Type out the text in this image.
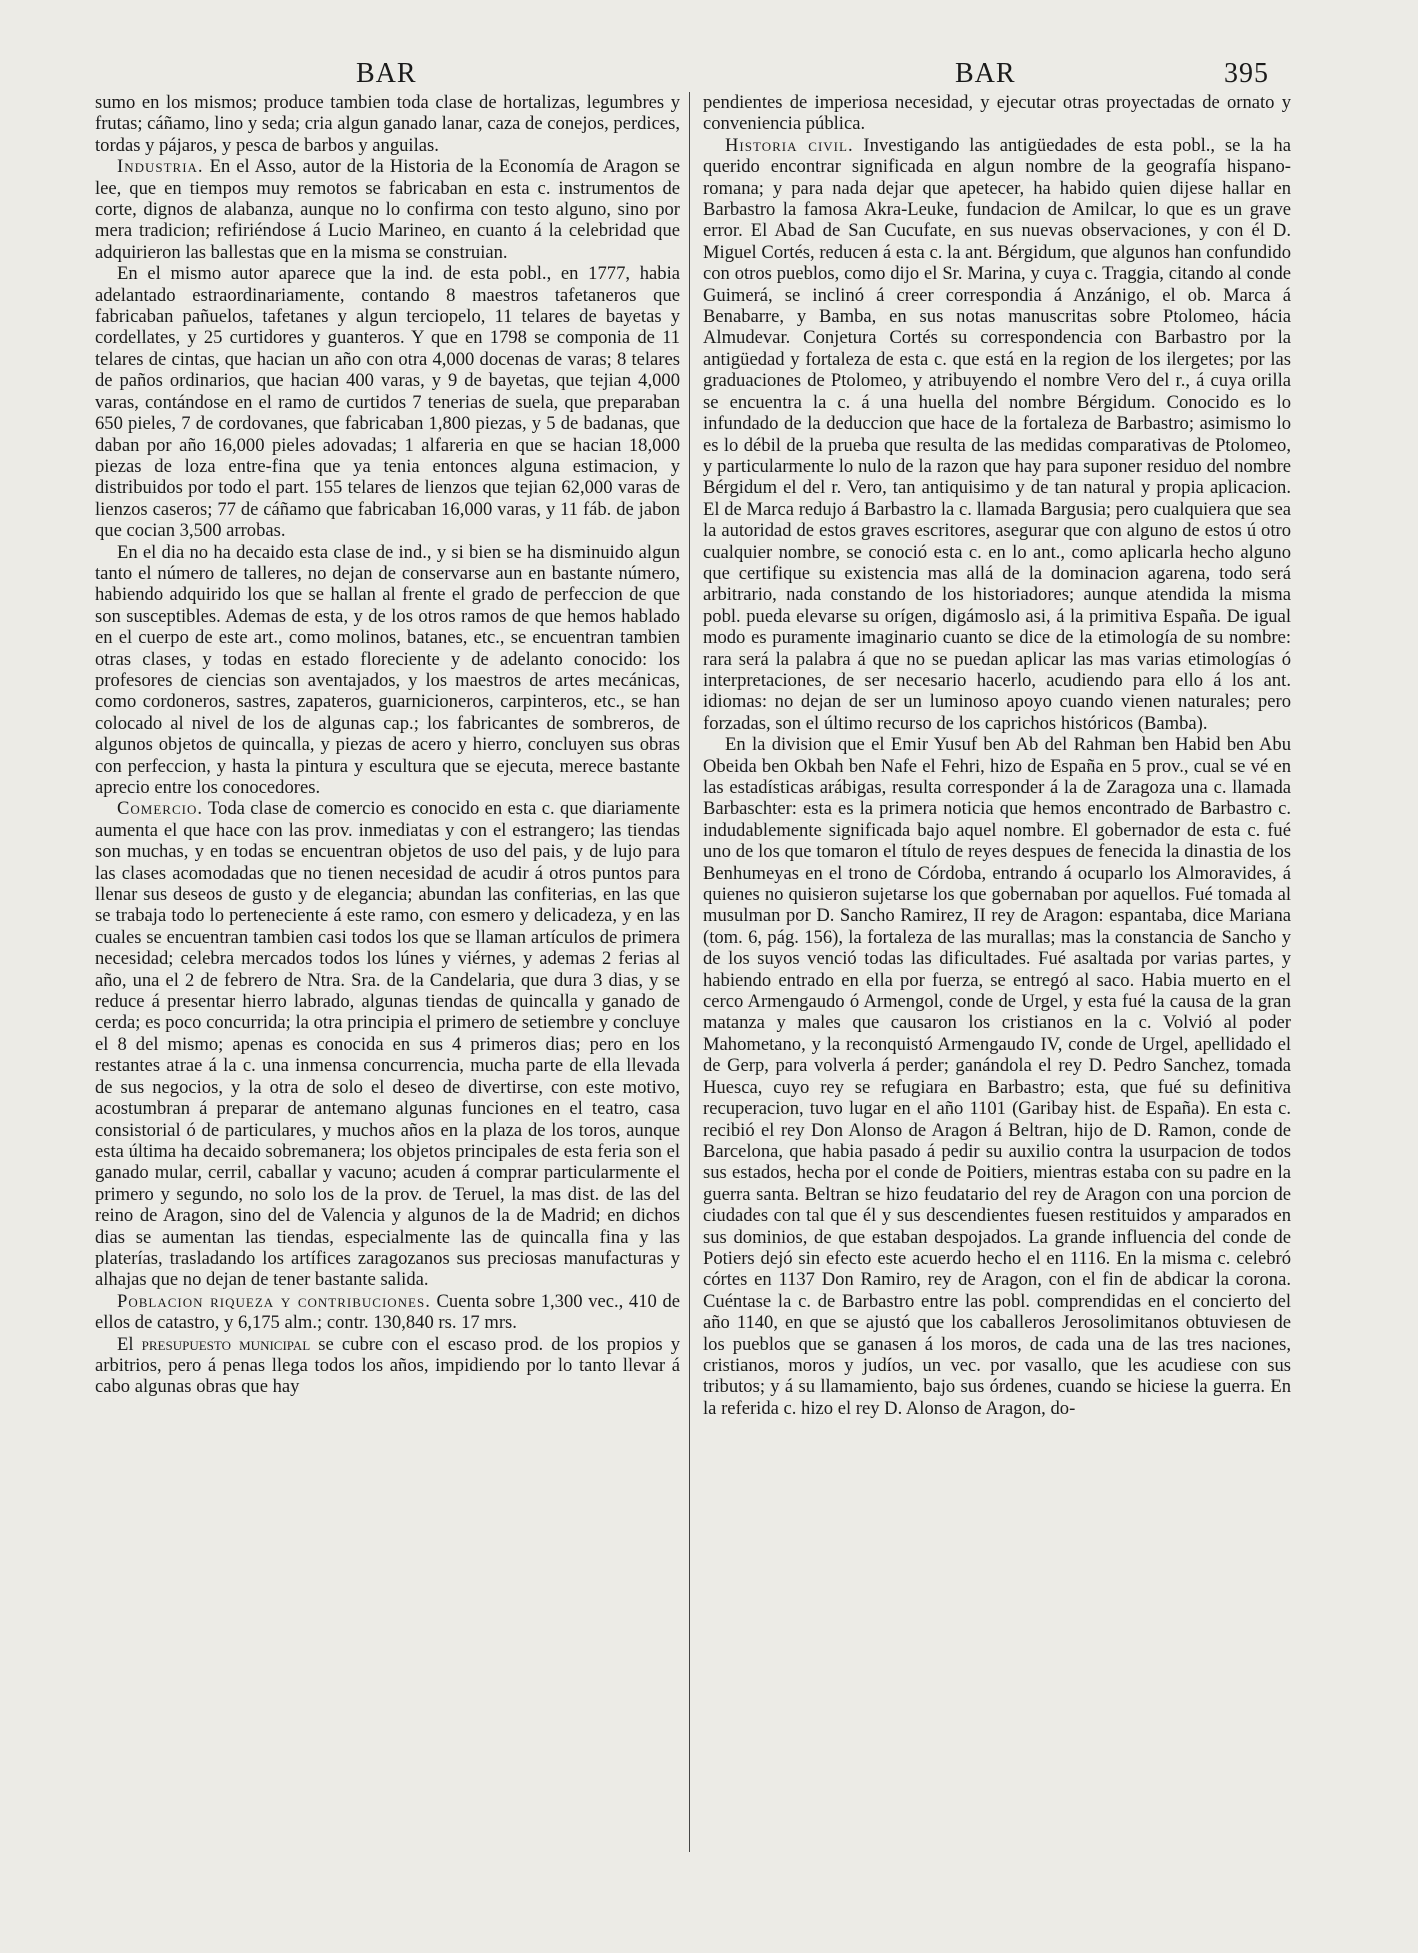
BAR	BAR	395

sumo en los mismos; produce tambien toda clase de hortalizas, legumbres y frutas; cáñamo, lino y seda; cria algun ganado lanar, caza de conejos, perdices, tordas y pájaros, y pesca de barbos y anguilas.

Industria. En el Asso, autor de la Historia de la Economía de Aragon se lee, que en tiempos muy remotos se fabricaban en esta c. instrumentos de corte, dignos de alabanza, aunque no lo confirma con testo alguno, sino por mera tradicion; refiriéndose á Lucio Marineo, en cuanto á la celebridad que adquirieron las ballestas que en la misma se construian.

En el mismo autor aparece que la ind. de esta pobl., en 1777, habia adelantado estraordinariamente, contando 8 maestros tafetaneros que fabricaban pañuelos, tafetanes y algun terciopelo, 11 telares de bayetas y cordellates, y 25 curtidores y guanteros. Y que en 1798 se componia de 11 telares de cintas, que hacian un año con otra 4,000 docenas de varas; 8 telares de paños ordinarios, que hacian 400 varas, y 9 de bayetas, que tejian 4,000 varas, contándose en el ramo de curtidos 7 tenerias de suela, que preparaban 650 pieles, 7 de cordovanes, que fabricaban 1,800 piezas, y 5 de badanas, que daban por año 16,000 pieles adovadas; 1 alfareria en que se hacian 18,000 piezas de loza entre-fina que ya tenia entonces alguna estimacion, y distribuidos por todo el part. 155 telares de lienzos que tejian 62,000 varas de lienzos caseros; 77 de cáñamo que fabricaban 16,000 varas, y 11 fáb. de jabon que cocian 3,500 arrobas.

En el dia no ha decaido esta clase de ind., y si bien se ha disminuido algun tanto el número de talleres, no dejan de conservarse aun en bastante número, habiendo adquirido los que se hallan al frente el grado de perfeccion de que son susceptibles. Ademas de esta, y de los otros ramos de que hemos hablado en el cuerpo de este art., como molinos, batanes, etc., se encuentran tambien otras clases, y todas en estado floreciente y de adelanto conocido: los profesores de ciencias son aventajados, y los maestros de artes mecánicas, como cordoneros, sastres, zapateros, guarnicioneros, carpinteros, etc., se han colocado al nivel de los de algunas cap.; los fabricantes de sombreros, de algunos objetos de quincalla, y piezas de acero y hierro, concluyen sus obras con perfeccion, y hasta la pintura y escultura que se ejecuta, merece bastante aprecio entre los conocedores.

Comercio. Toda clase de comercio es conocido en esta c. que diariamente aumenta el que hace con las prov. inmediatas y con el estrangero; las tiendas son muchas, y en todas se encuentran objetos de uso del pais, y de lujo para las clases acomodadas que no tienen necesidad de acudir á otros puntos para llenar sus deseos de gusto y de elegancia; abundan las confiterias, en las que se trabaja todo lo perteneciente á este ramo, con esmero y delicadeza, y en las cuales se encuentran tambien casi todos los que se llaman artículos de primera necesidad; celebra mercados todos los lúnes y viérnes, y ademas 2 ferias al año, una el 2 de febrero de Ntra. Sra. de la Candelaria, que dura 3 dias, y se reduce á presentar hierro labrado, algunas tiendas de quincalla y ganado de cerda; es poco concurrida; la otra principia el primero de setiembre y concluye el 8 del mismo; apenas es conocida en sus 4 primeros dias; pero en los restantes atrae á la c. una inmensa concurrencia, mucha parte de ella llevada de sus negocios, y la otra de solo el deseo de divertirse, con este motivo, acostumbran á preparar de antemano algunas funciones en el teatro, casa consistorial ó de particulares, y muchos años en la plaza de los toros, aunque esta última ha decaido sobremanera; los objetos principales de esta feria son el ganado mular, cerril, caballar y vacuno; acuden á comprar particularmente el primero y segundo, no solo los de la prov. de Teruel, la mas dist. de las del reino de Aragon, sino del de Valencia y algunos de la de Madrid; en dichos dias se aumentan las tiendas, especialmente las de quincalla fina y las platerías, trasladando los artífices zaragozanos sus preciosas manufacturas y alhajas que no dejan de tener bastante salida.

Poblacion riqueza y contribuciones. Cuenta sobre 1,300 vec., 410 de ellos de catastro, y 6,175 alm.; contr. 130,840 rs. 17 mrs.

El presupuesto municipal se cubre con el escaso prod. de los propios y arbitrios, pero á penas llega todos los años, impidiendo por lo tanto llevar á cabo algunas obras que hay

pendientes de imperiosa necesidad, y ejecutar otras proyectadas de ornato y conveniencia pública.

Historia civil. Investigando las antigüedades de esta pobl., se la ha querido encontrar significada en algun nombre de la geografía hispano-romana; y para nada dejar que apetecer, ha habido quien dijese hallar en Barbastro la famosa Akra-Leuke, fundacion de Amilcar, lo que es un grave error. El Abad de San Cucufate, en sus nuevas observaciones, y con él D. Miguel Cortés, reducen á esta c. la ant. Bérgidum, que algunos han confundido con otros pueblos, como dijo el Sr. Marina, y cuya c. Traggia, citando al conde Guimerá, se inclinó á creer correspondia á Anzánigo, el ob. Marca á Benabarre, y Bamba, en sus notas manuscritas sobre Ptolomeo, hácia Almudevar. Conjetura Cortés su correspondencia con Barbastro por la antigüedad y fortaleza de esta c. que está en la region de los ilergetes; por las graduaciones de Ptolomeo, y atribuyendo el nombre Vero del r., á cuya orilla se encuentra la c. á una huella del nombre Bérgidum. Conocido es lo infundado de la deduccion que hace de la fortaleza de Barbastro; asimismo lo es lo débil de la prueba que resulta de las medidas comparativas de Ptolomeo, y particularmente lo nulo de la razon que hay para suponer residuo del nombre Bérgidum el del r. Vero, tan antiquisimo y de tan natural y propia aplicacion. El de Marca redujo á Barbastro la c. llamada Bargusia; pero cualquiera que sea la autoridad de estos graves escritores, asegurar que con alguno de estos ú otro cualquier nombre, se conoció esta c. en lo ant., como aplicarla hecho alguno que certifique su existencia mas allá de la dominacion agarena, todo será arbitrario, nada constando de los historiadores; aunque atendida la misma pobl. pueda elevarse su orígen, digámoslo asi, á la primitiva España. De igual modo es puramente imaginario cuanto se dice de la etimología de su nombre: rara será la palabra á que no se puedan aplicar las mas varias etimologías ó interpretaciones, de ser necesario hacerlo, acudiendo para ello á los ant. idiomas: no dejan de ser un luminoso apoyo cuando vienen naturales; pero forzadas, son el último recurso de los caprichos históricos (Bamba).

En la division que el Emir Yusuf ben Ab del Rahman ben Habid ben Abu Obeida ben Okbah ben Nafe el Fehri, hizo de España en 5 prov., cual se vé en las estadísticas arábigas, resulta corresponder á la de Zaragoza una c. llamada Barbaschter: esta es la primera noticia que hemos encontrado de Barbastro c. indudablemente significada bajo aquel nombre. El gobernador de esta c. fué uno de los que tomaron el título de reyes despues de fenecida la dinastia de los Benhumeyas en el trono de Córdoba, entrando á ocuparlo los Almoravides, á quienes no quisieron sujetarse los que gobernaban por aquellos. Fué tomada al musulman por D. Sancho Ramirez, II rey de Aragon: espantaba, dice Mariana (tom. 6, pág. 156), la fortaleza de las murallas; mas la constancia de Sancho y de los suyos venció todas las dificultades. Fué asaltada por varias partes, y habiendo entrado en ella por fuerza, se entregó al saco. Habia muerto en el cerco Armengaudo ó Armengol, conde de Urgel, y esta fué la causa de la gran matanza y males que causaron los cristianos en la c. Volvió al poder Mahometano, y la reconquistó Armengaudo IV, conde de Urgel, apellidado el de Gerp, para volverla á perder; ganándola el rey D. Pedro Sanchez, tomada Huesca, cuyo rey se refugiara en Barbastro; esta, que fué su definitiva recuperacion, tuvo lugar en el año 1101 (Garibay hist. de España). En esta c. recibió el rey Don Alonso de Aragon á Beltran, hijo de D. Ramon, conde de Barcelona, que habia pasado á pedir su auxilio contra la usurpacion de todos sus estados, hecha por el conde de Poitiers, mientras estaba con su padre en la guerra santa. Beltran se hizo feudatario del rey de Aragon con una porcion de ciudades con tal que él y sus descendientes fuesen restituidos y amparados en sus dominios, de que estaban despojados. La grande influencia del conde de Potiers dejó sin efecto este acuerdo hecho el en 1116. En la misma c. celebró córtes en 1137 Don Ramiro, rey de Aragon, con el fin de abdicar la corona. Cuéntase la c. de Barbastro entre las pobl. comprendidas en el concierto del año 1140, en que se ajustó que los caballeros Jerosolimitanos obtuviesen de los pueblos que se ganasen á los moros, de cada una de las tres naciones, cristianos, moros y judíos, un vec. por vasallo, que les acudiese con sus tributos; y á su llamamiento, bajo sus órdenes, cuando se hiciese la guerra. En la referida c. hizo el rey D. Alonso de Aragon, do-
